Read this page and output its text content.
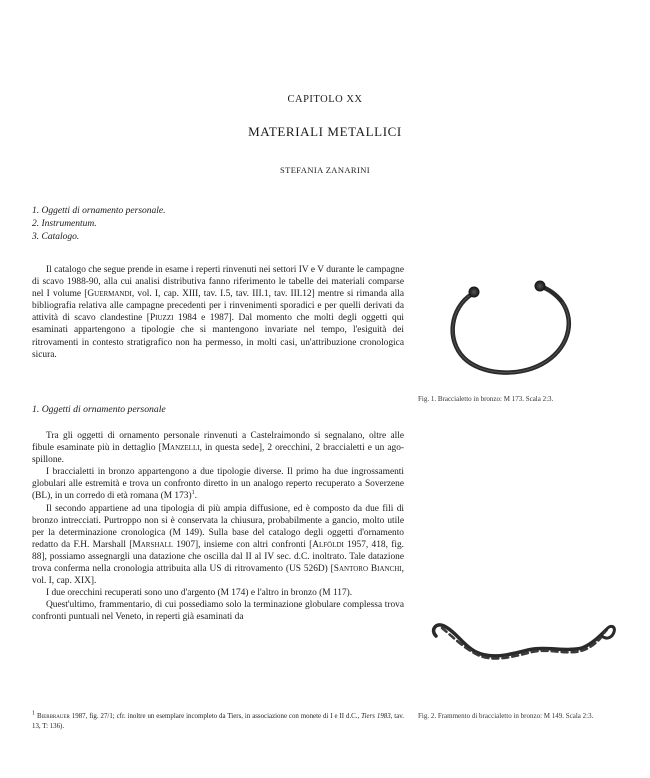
CAPITOLO XX
MATERIALI METALLICI
STEFANIA ZANARINI
1. Oggetti di ornamento personale.
2. Instrumentum.
3. Catalogo.

Il catalogo che segue prende in esame i reperti rinvenuti nei settori IV e V durante le campagne di scavo 1988-90, alla cui analisi distributiva fanno riferimento le tabelle dei materiali comparse nel I volume [Guermandi, vol. I, cap. XIII, tav. I.5, tav. III.1, tav. III.12] mentre si rimanda alla bibliografia relativa alle campagne precedenti per i rinvenimenti sporadici e per quelli derivati da attività di scavo clandestine [Piuzzi 1984 e 1987]. Dal momento che molti degli oggetti qui esaminati appartengono a tipologie che si mantengono invariate nel tempo, l'esiguità dei ritrovamenti in contesto stratigrafico non ha permesso, in molti casi, un'attribuzione cronologica sicura.

Fig. 1. Braccialetto in bronzo: M 173. Scala 2:3.
1. Oggetti di ornamento personale

Tra gli oggetti di ornamento personale rinvenuti a Castelraimondo si segnalano, oltre alle fibule esaminate più in dettaglio [Manzelli, in questa sede], 2 orecchini, 2 braccialetti e un ago-spillone.

I braccialetti in bronzo appartengono a due tipologie diverse. Il primo ha due ingrossamenti globulari alle estremità e trova un confronto diretto in un analogo reperto recuperato a Soverzene (BL), in un corredo di età romana (M 173)$^1$.

Il secondo appartiene ad una tipologia di più ampia diffusione, ed è composto da due fili di bronzo intrecciati. Purtroppo non si è conservata la chiusura, probabilmente a gancio, molto utile per la determinazione cronologica (M 149). Sulla base del catalogo degli oggetti d'ornamento redatto da F.H. Marshall [Marshall 1907], insieme con altri confronti [Alföldi 1957, 418, fig. 88], possiamo assegnargli una datazione che oscilla dal II al IV sec. d.C. inoltrato. Tale datazione trova conferma nella cronologia attribuita alla US di ritrovamento (US 526D) [Santoro Bianchi, vol. I, cap. XIX].

I due orecchini recuperati sono uno d'argento (M 174) e l'altro in bronzo (M 117).

Quest'ultimo, frammentario, di cui possediamo solo la terminazione globulare complessa trova confronti puntuali nel Veneto, in reperti già esaminati da

Fig. 2. Frammento di braccialetto in bronzo: M 149. Scala 2:3.
1 Bierbrauer 1987, fig. 27/1; cfr. inoltre un esemplare incompleto da Tiers, in associazione con monete di I e II d.C., Tiers 1983, tav. 13, T: 136).
